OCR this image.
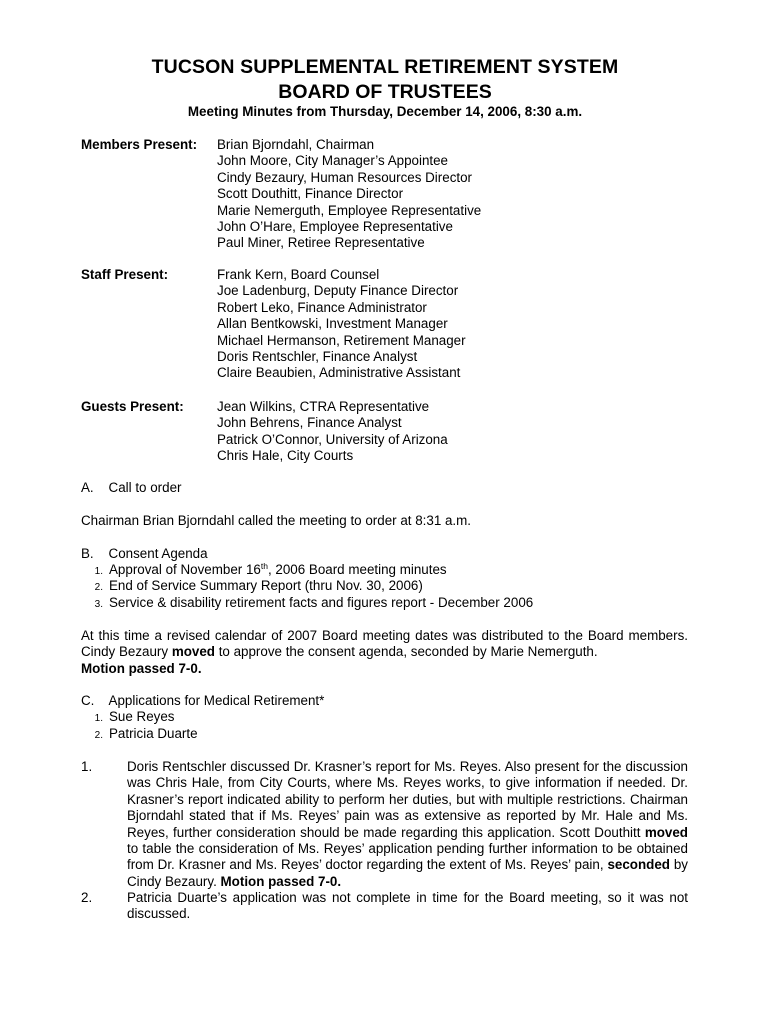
TUCSON SUPPLEMENTAL RETIREMENT SYSTEM
BOARD OF TRUSTEES
Meeting Minutes from Thursday, December 14, 2006, 8:30 a.m.
Members Present: Brian Bjorndahl, Chairman
John Moore, City Manager’s Appointee
Cindy Bezaury, Human Resources Director
Scott Douthitt, Finance Director
Marie Nemerguth, Employee Representative
John O’Hare, Employee Representative
Paul Miner, Retiree Representative
Staff Present:	Frank Kern, Board Counsel
Joe Ladenburg, Deputy Finance Director
Robert Leko, Finance Administrator
Allan Bentkowski, Investment Manager
Michael Hermanson, Retirement Manager
Doris Rentschler, Finance Analyst
Claire Beaubien, Administrative Assistant
Guests Present: Jean Wilkins, CTRA Representative
John Behrens, Finance Analyst
Patrick O’Connor, University of Arizona
Chris Hale, City Courts
A.    Call to order
Chairman Brian Bjorndahl called the meeting to order at 8:31 a.m.
B.    Consent Agenda
1. Approval of November 16th, 2006 Board meeting minutes
2. End of Service Summary Report (thru Nov. 30, 2006)
3. Service & disability retirement facts and figures report - December 2006
At this time a revised calendar of 2007 Board meeting dates was distributed to the Board members. Cindy Bezaury moved to approve the consent agenda, seconded by Marie Nemerguth.
Motion passed 7-0.
C.    Applications for Medical Retirement*
1. Sue Reyes
2. Patricia Duarte
1.	Doris Rentschler discussed Dr. Krasner’s report for Ms. Reyes. Also present for the discussion was Chris Hale, from City Courts, where Ms. Reyes works, to give information if needed. Dr. Krasner’s report indicated ability to perform her duties, but with multiple restrictions. Chairman Bjorndahl stated that if Ms. Reyes’ pain was as extensive as reported by Mr. Hale and Ms. Reyes, further consideration should be made regarding this application. Scott Douthitt moved to table the consideration of Ms. Reyes’ application pending further information to be obtained from Dr. Krasner and Ms. Reyes’ doctor regarding the extent of Ms. Reyes’ pain, seconded by Cindy Bezaury. Motion passed 7-0.
2.	Patricia Duarte’s application was not complete in time for the Board meeting, so it was not discussed.
